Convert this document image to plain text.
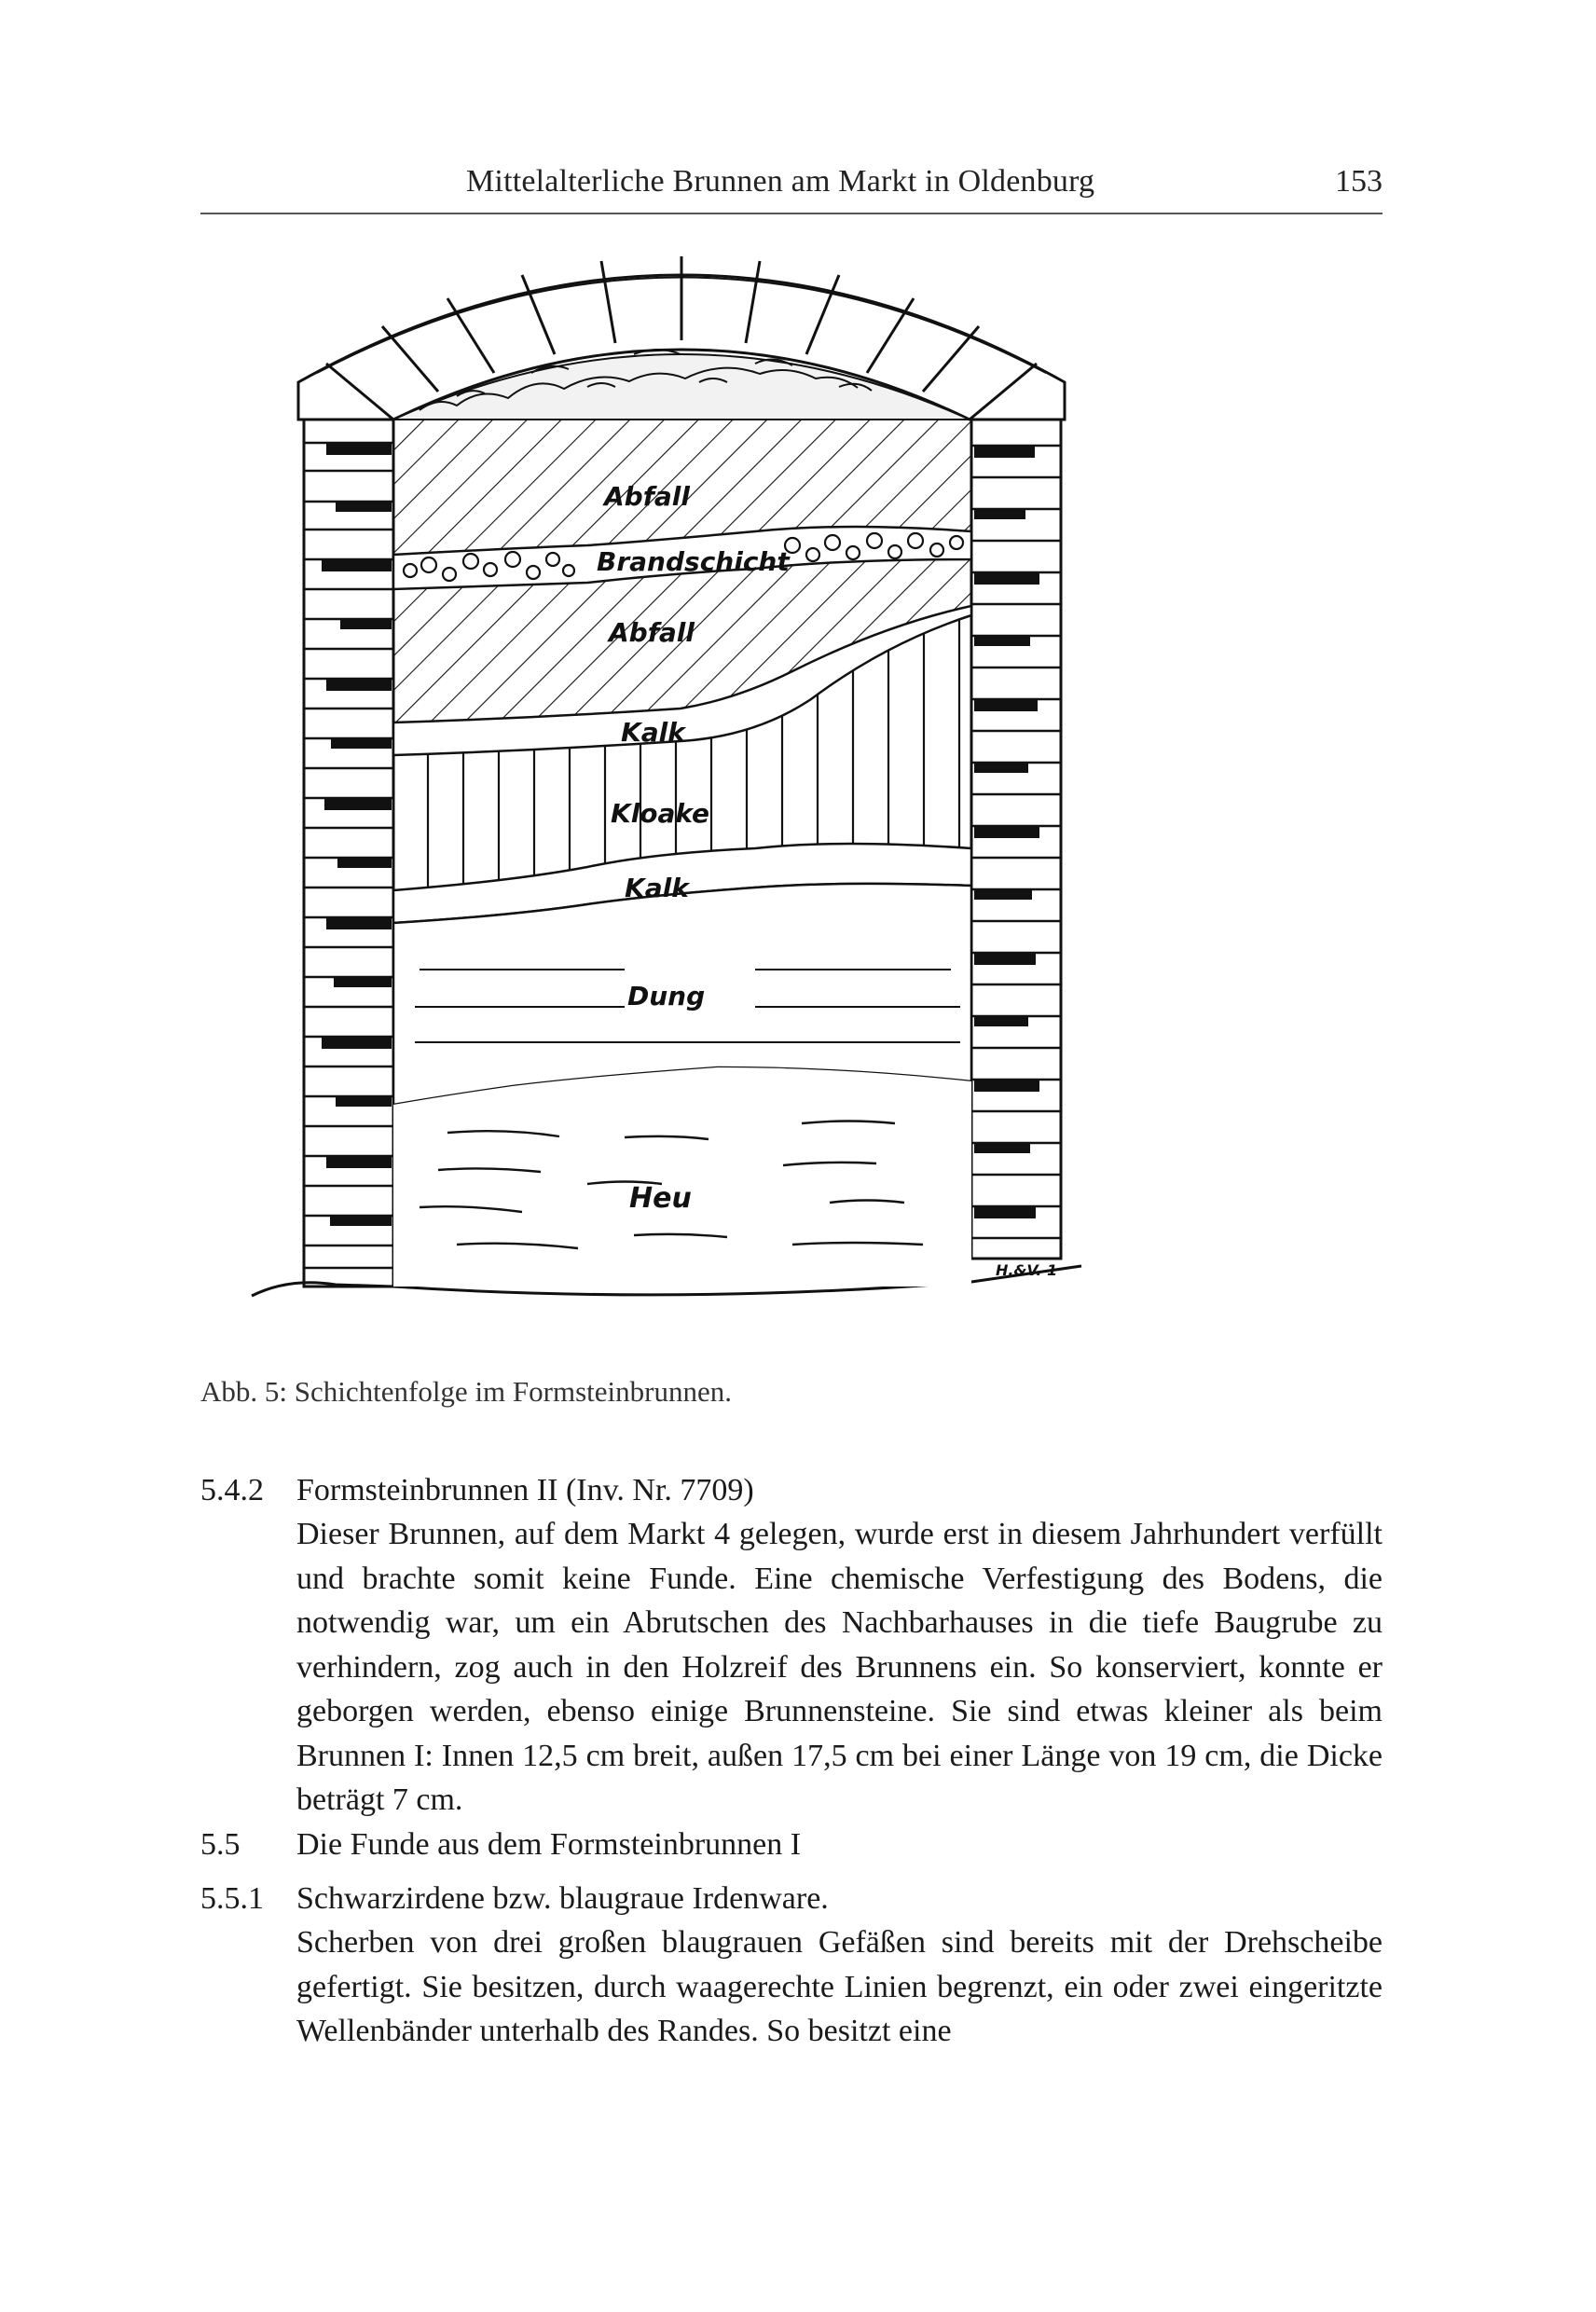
Mittelalterliche Brunnen am Markt in Oldenburg	153
Abfall
Brandschicht
Abfall
Kalk
Kloake
Kalk
Dung
Heu
H.&V. 1
Abb. 5: Schichtenfolge im Formsteinbrunnen.
5.4.2 Formsteinbrunnen II (Inv. Nr. 7709)

Dieser Brunnen, auf dem Markt 4 gelegen, wurde erst in diesem Jahrhundert verfüllt und brachte somit keine Funde. Eine chemische Verfestigung des Bodens, die notwendig war, um ein Abrutschen des Nachbarhauses in die tiefe Baugrube zu verhindern, zog auch in den Holzreif des Brunnens ein. So konserviert, konnte er geborgen werden, ebenso einige Brunnensteine. Sie sind etwas kleiner als beim Brunnen I: Innen 12,5 cm breit, außen 17,5 cm bei einer Länge von 19 cm, die Dicke beträgt 7 cm.

5.5 Die Funde aus dem Formsteinbrunnen I
5.5.1 Schwarzirdene bzw. blaugraue Irdenware.

Scherben von drei großen blaugrauen Gefäßen sind bereits mit der Drehscheibe gefertigt. Sie besitzen, durch waagerechte Linien begrenzt, ein oder zwei eingeritzte Wellenbänder unterhalb des Randes. So besitzt eine
